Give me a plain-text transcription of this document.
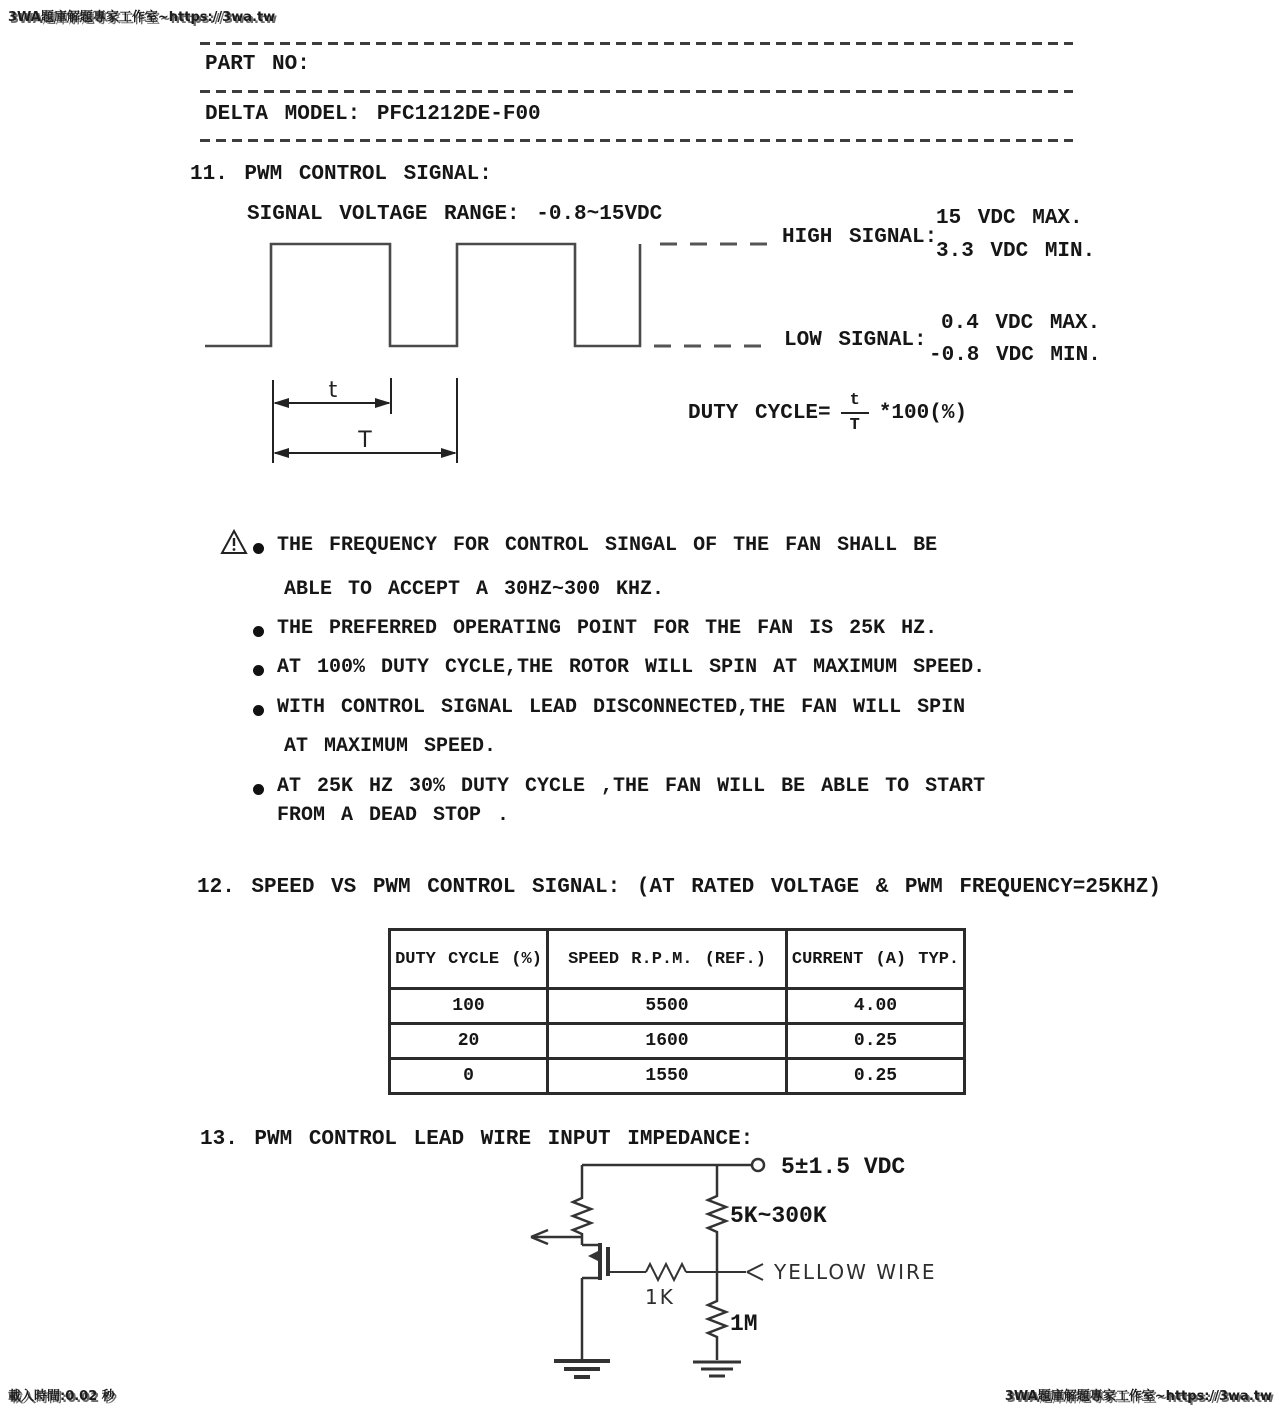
3WA題庫解題專家工作室~https://3wa.tw
載入時間:0.02 秒	3WA題庫解題專家工作室~https://3wa.tw
PART NO:
DELTA MODEL: PFC1212DE-F00
11. PWM CONTROL SIGNAL:
SIGNAL VOLTAGE RANGE: -0.8~15VDC
t
T
HIGH SIGNAL:
15 VDC MAX.
3.3 VDC MIN.
LOW SIGNAL:
0.4 VDC MAX.
-0.8 VDC MIN.
DUTY CYCLE= $\frac{t}{T} *100(\%)$
THE FREQUENCY FOR CONTROL SINGAL OF THE FAN SHALL BE
ABLE TO ACCEPT A 30HZ~300 KHZ.
THE PREFERRED OPERATING POINT FOR THE FAN IS 25K HZ.
AT 100% DUTY CYCLE,THE ROTOR WILL SPIN AT MAXIMUM SPEED.
WITH CONTROL SIGNAL LEAD DISCONNECTED,THE FAN WILL SPIN
AT MAXIMUM SPEED.
AT 25K HZ 30% DUTY CYCLE ,THE FAN WILL BE ABLE TO START
FROM A DEAD STOP .
12. SPEED VS PWM CONTROL SIGNAL: (AT RATED VOLTAGE & PWM FREQUENCY=25KHZ)
DUTY CYCLE (%)	SPEED R.P.M. (REF.)	CURRENT (A) TYP.
100	5500	4.00
20	1600	0.25
0	1550	0.25
13. PWM CONTROL LEAD WIRE INPUT IMPEDANCE:
5±1.5 VDC
5K~300K
1K
1M
YELLOW WIRE
